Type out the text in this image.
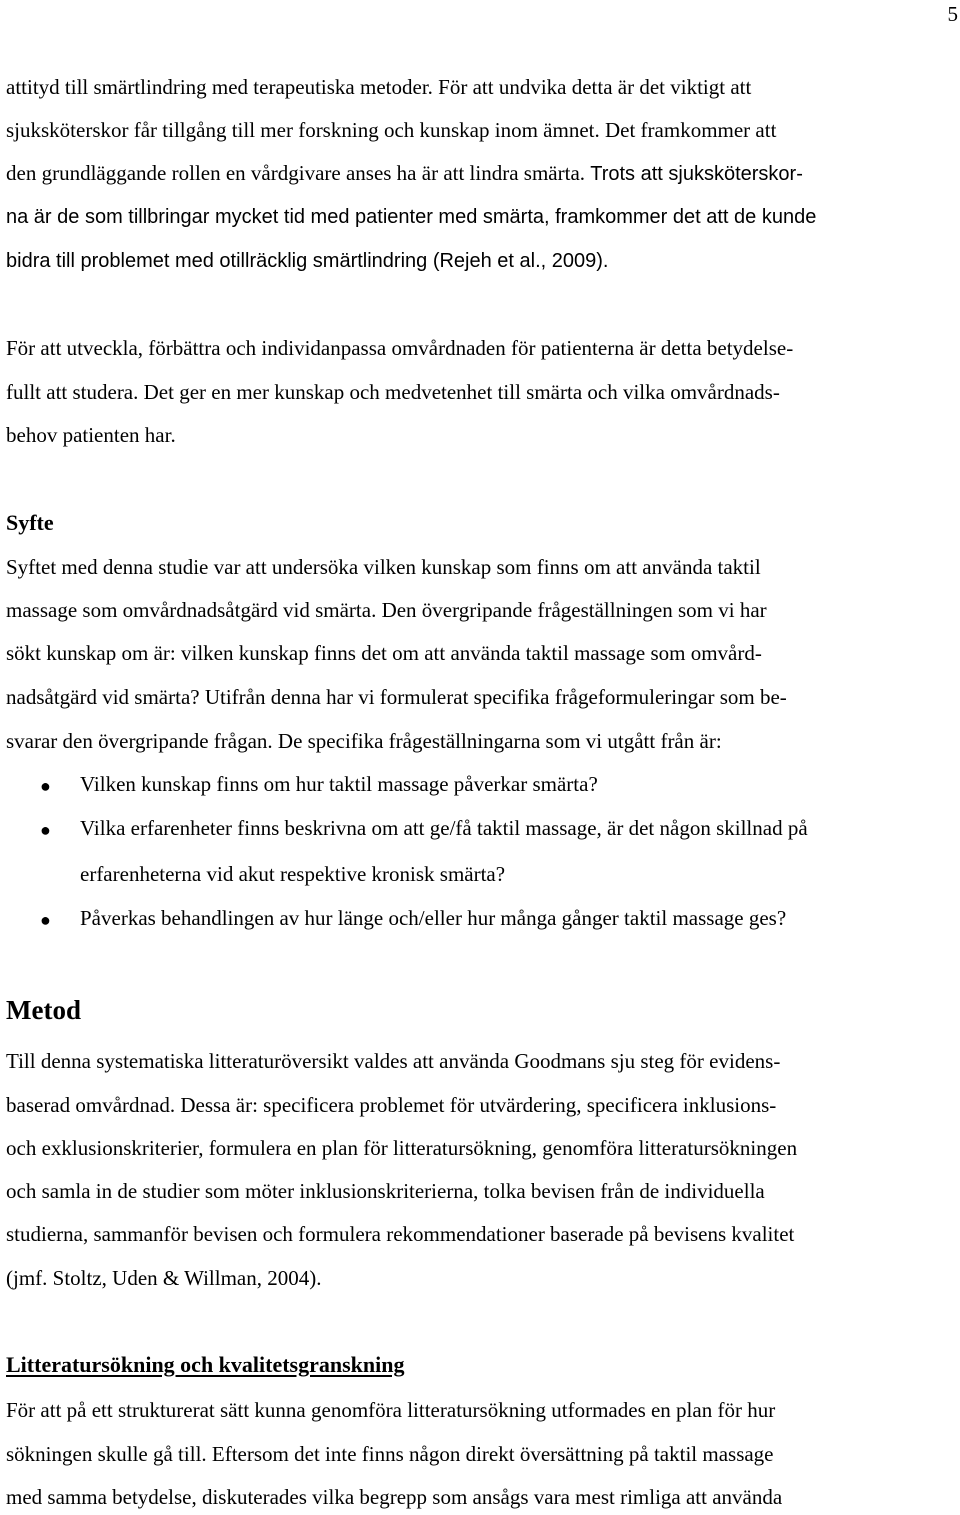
5
attityd till smärtlindring med terapeutiska metoder. För att undvika detta är det viktigt att
sjuksköterskor får tillgång till mer forskning och kunskap inom ämnet. Det framkommer att
den grundläggande rollen en vårdgivare anses ha är att lindra smärta. Trots att sjuksköterskor-
na är de som tillbringar mycket tid med patienter med smärta, framkommer det att de kunde
bidra till problemet med otillräcklig smärtlindring (Rejeh et al., 2009).
För att utveckla, förbättra och individanpassa omvårdnaden för patienterna är detta betydelse-
fullt att studera. Det ger en mer kunskap och medvetenhet till smärta och vilka omvårdnads-
behov patienten har.
Syfte
Syftet med denna studie var att undersöka vilken kunskap som finns om att använda taktil
massage som omvårdnadsåtgärd vid smärta. Den övergripande frågeställningen som vi har
sökt kunskap om är: vilken kunskap finns det om att använda taktil massage som omvård-
nadsåtgärd vid smärta? Utifrån denna har vi formulerat specifika frågeformuleringar som be-
svarar den övergripande frågan. De specifika frågeställningarna som vi utgått från är:
● Vilken kunskap finns om hur taktil massage påverkar smärta?
● Vilka erfarenheter finns beskrivna om att ge/få taktil massage, är det någon skillnad på
erfarenheterna vid akut respektive kronisk smärta?
● Påverkas behandlingen av hur länge och/eller hur många gånger taktil massage ges?
Metod
Till denna systematiska litteraturöversikt valdes att använda Goodmans sju steg för evidens-
baserad omvårdnad. Dessa är: specificera problemet för utvärdering, specificera inklusions-
och exklusionskriterier, formulera en plan för litteratursökning, genomföra litteratursökningen
och samla in de studier som möter inklusionskriterierna, tolka bevisen från de individuella
studierna, sammanför bevisen och formulera rekommendationer baserade på bevisens kvalitet
(jmf. Stoltz, Uden & Willman, 2004).
Litteratursökning och kvalitetsgranskning
För att på ett strukturerat sätt kunna genomföra litteratursökning utformades en plan för hur
sökningen skulle gå till. Eftersom det inte finns någon direkt översättning på taktil massage
med samma betydelse, diskuterades vilka begrepp som ansågs vara mest rimliga att använda
